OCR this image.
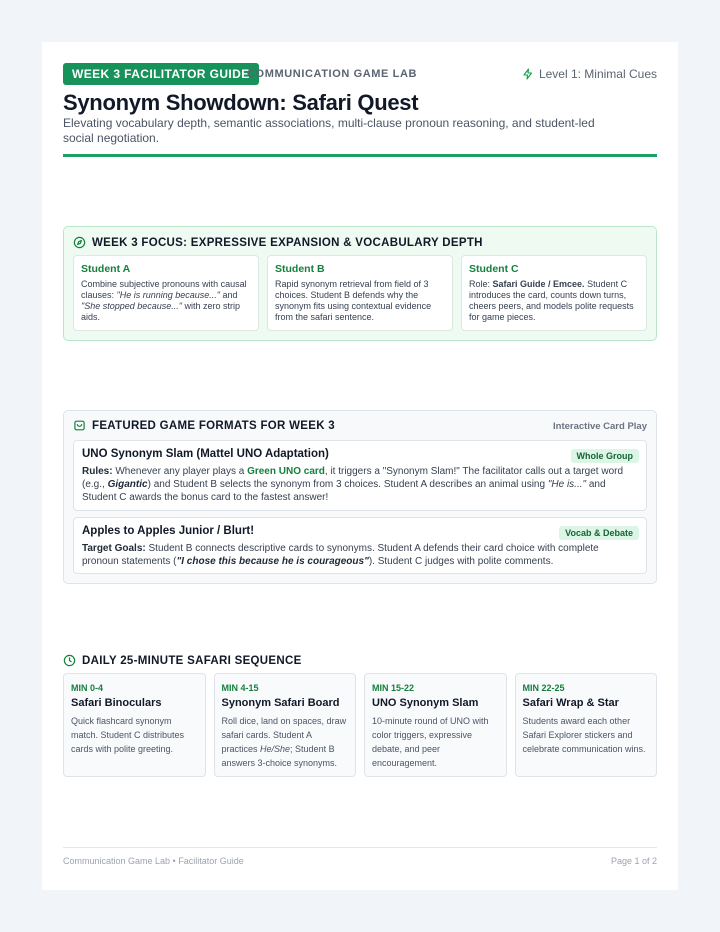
WEEK 3 FACILITATOR GUIDE
COMMUNICATION GAME LAB	Level 1: Minimal Cues
Synonym Showdown: Safari Quest

Elevating vocabulary depth, semantic associations, multi-clause pronoun reasoning, and student-led social negotiation.

WEEK 3 FOCUS: EXPRESSIVE EXPANSION & VOCABULARY DEPTH
Student A
Combine subjective pronouns with causal clauses: "He is running because..." and "She stopped because..." with zero strip aids.
Student B
Rapid synonym retrieval from field of 3 choices. Student B defends why the synonym fits using contextual evidence from the safari sentence.
Student C
Role: Safari Guide / Emcee. Student C introduces the card, counts down turns, cheers peers, and models polite requests for game pieces.
FEATURED GAME FORMATS FOR WEEK 3	Interactive Card Play
UNO Synonym Slam (Mattel UNO Adaptation)	Whole Group
Rules: Whenever any player plays a Green UNO card, it triggers a "Synonym Slam!" The facilitator calls out a target word (e.g., Gigantic) and Student B selects the synonym from 3 choices. Student A describes an animal using "He is..." and Student C awards the bonus card to the fastest answer!
Apples to Apples Junior / Blurt!	Vocab & Debate
Target Goals: Student B connects descriptive cards to synonyms. Student A defends their card choice with complete pronoun statements ("I chose this because he is courageous"). Student C judges with polite comments.
DAILY 25-MINUTE SAFARI SEQUENCE
MIN 0-4
Safari Binoculars
Quick flashcard synonym match. Student C distributes cards with polite greeting.
MIN 4-15
Synonym Safari Board
Roll dice, land on spaces, draw safari cards. Student A practices He/She; Student B answers 3-choice synonyms.
MIN 15-22
UNO Synonym Slam
10-minute round of UNO with color triggers, expressive debate, and peer encouragement.
MIN 22-25
Safari Wrap & Star
Students award each other Safari Explorer stickers and celebrate communication wins.
Communication Game Lab • Facilitator Guide	Page 1 of 2
